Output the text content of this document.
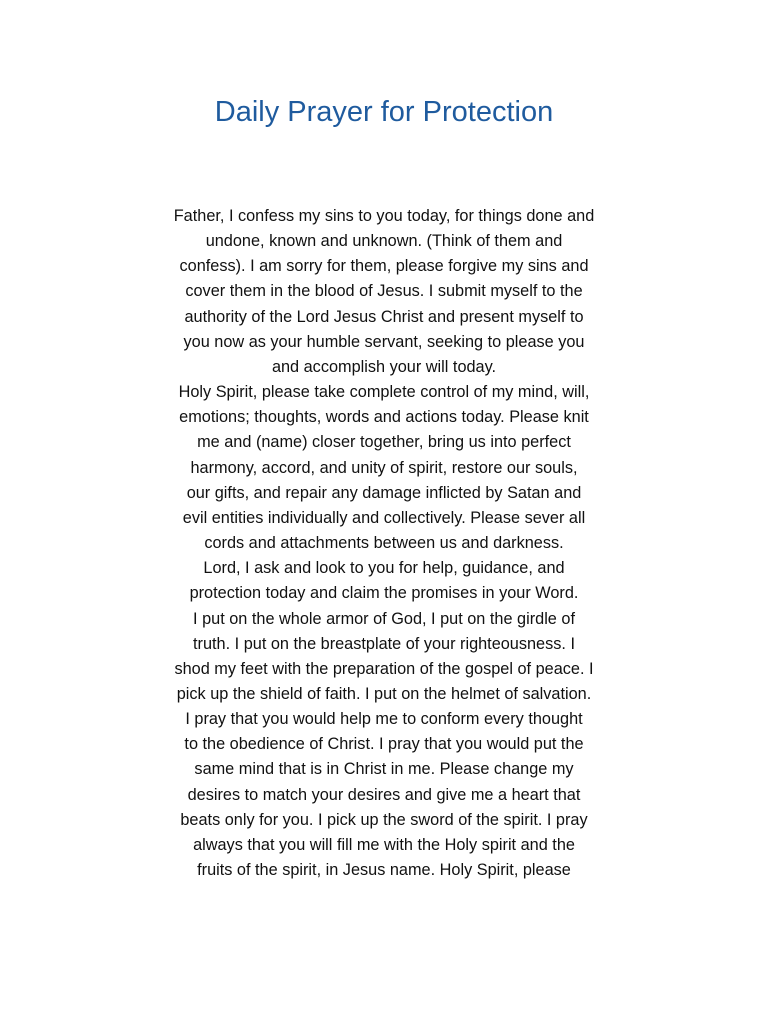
Daily Prayer for Protection
Father, I confess my sins to you today, for things done and
undone, known and unknown. (Think of them and
confess). I am sorry for them, please forgive my sins and
cover them in the blood of Jesus. I submit myself to the
authority of the Lord Jesus Christ and present myself to
you now as your humble servant, seeking to please you
and accomplish your will today.
Holy Spirit, please take complete control of my mind, will,
emotions; thoughts, words and actions today. Please knit
me and (name) closer together, bring us into perfect
harmony, accord, and unity of spirit, restore our souls,
our gifts, and repair any damage inflicted by Satan and
evil entities individually and collectively. Please sever all
cords and attachments between us and darkness.
Lord, I ask and look to you for help, guidance, and
protection today and claim the promises in your Word.
I put on the whole armor of God, I put on the girdle of
truth. I put on the breastplate of your righteousness. I
shod my feet with the preparation of the gospel of peace. I
pick up the shield of faith. I put on the helmet of salvation.
I pray that you would help me to conform every thought
to the obedience of Christ. I pray that you would put the
same mind that is in Christ in me. Please change my
desires to match your desires and give me a heart that
beats only for you. I pick up the sword of the spirit. I pray
always that you will fill me with the Holy spirit and the
fruits of the spirit, in Jesus name. Holy Spirit, please
